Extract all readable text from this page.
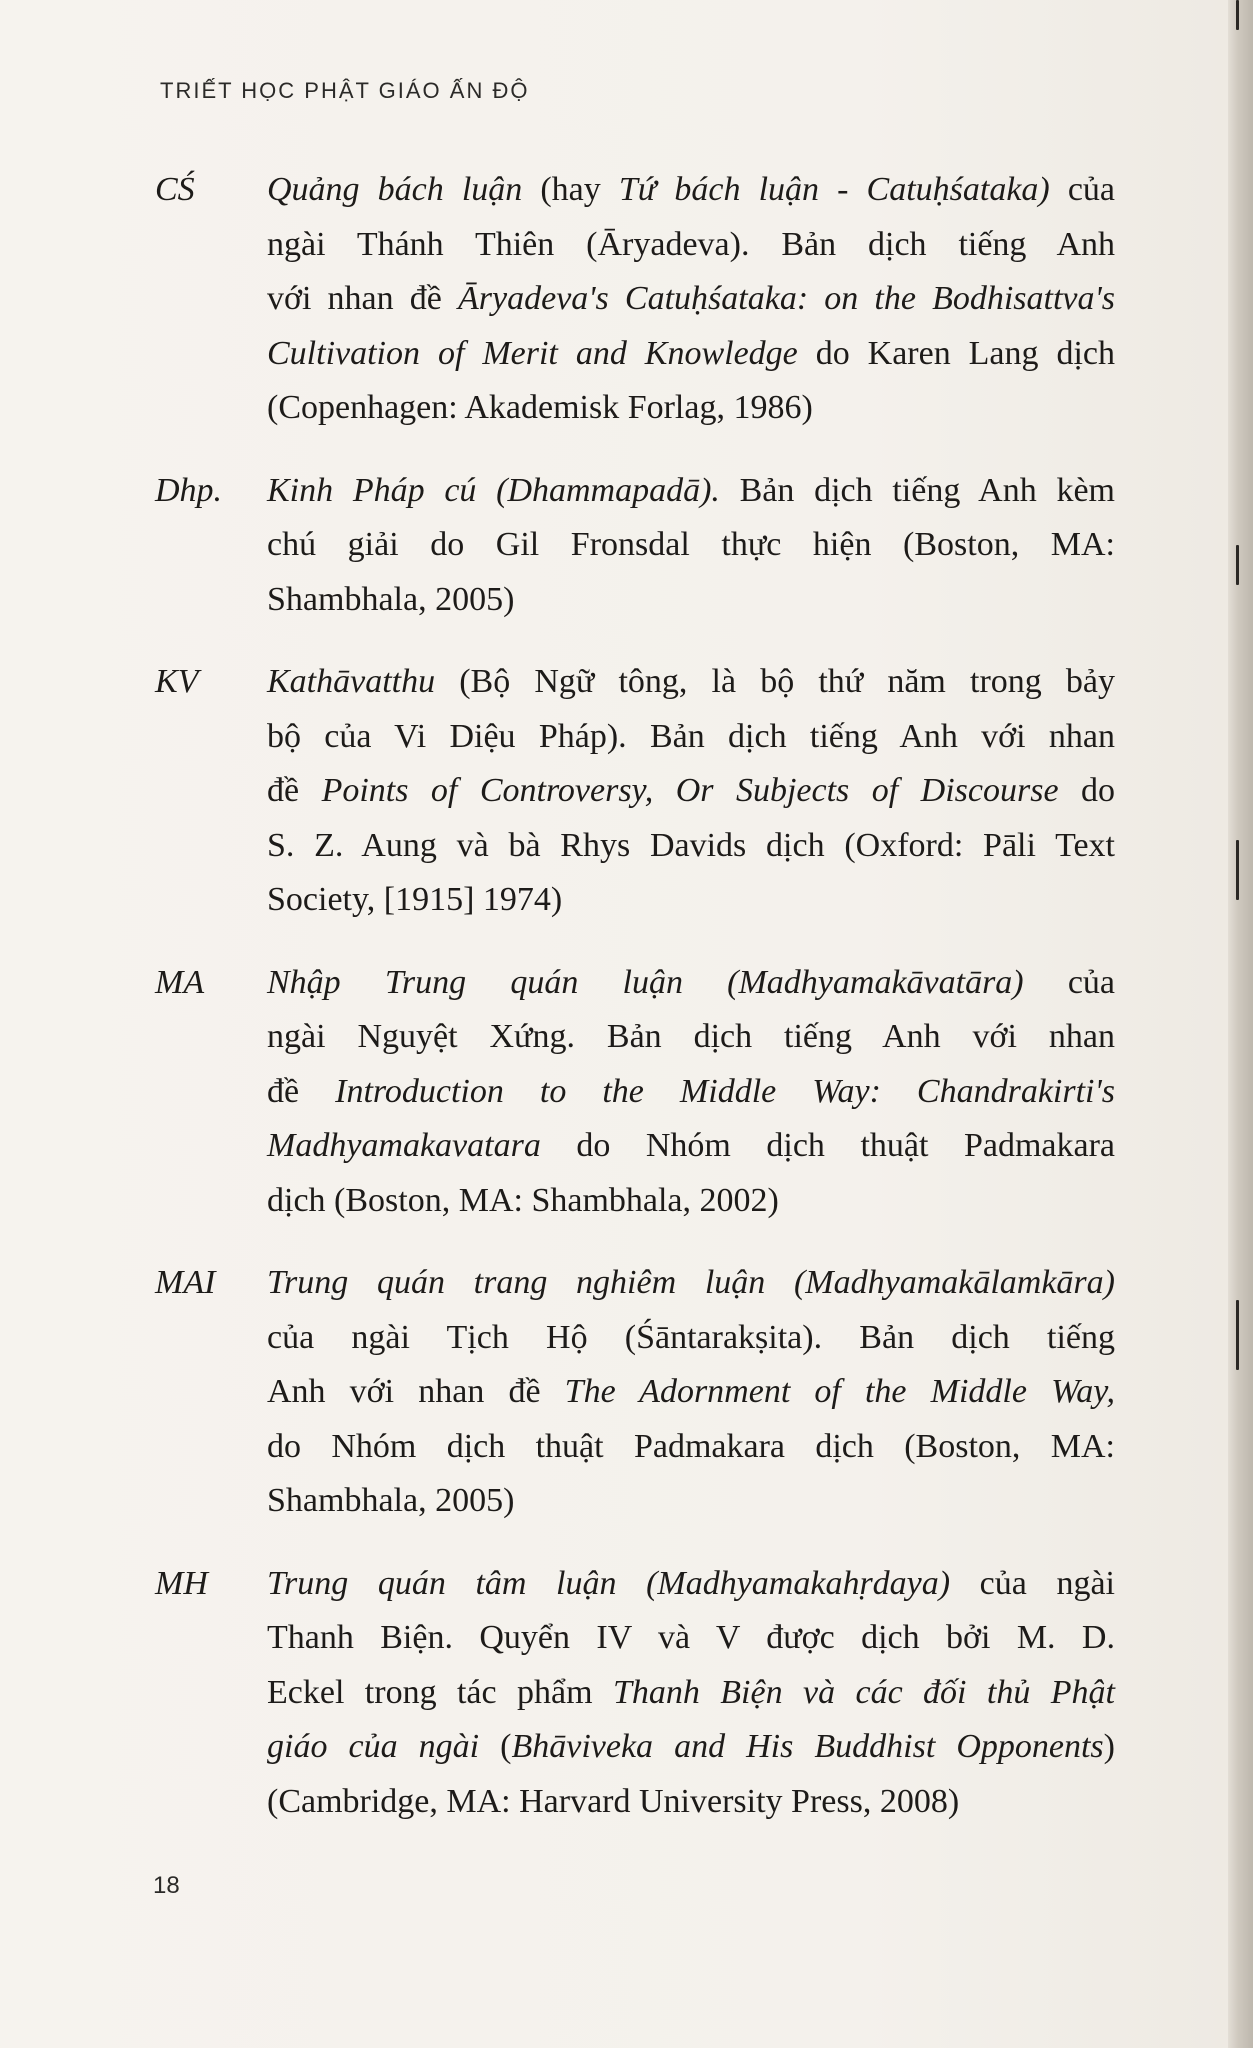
TRIẾT HỌC PHẬT GIÁO ẤN ĐỘ
CŚ	Quảng bách luận (hay Tứ bách luận - Catuḥśataka) của
ngài Thánh Thiên (Āryadeva). Bản dịch tiếng Anh
với nhan đề Āryadeva's Catuḥśataka: on the Bodhisattva's
Cultivation of Merit and Knowledge do Karen Lang dịch
(Copenhagen: Akademisk Forlag, 1986)
Dhp.	Kinh Pháp cú (Dhammapadā). Bản dịch tiếng Anh kèm
chú giải do Gil Fronsdal thực hiện (Boston, MA:
Shambhala, 2005)
KV	Kathāvatthu (Bộ Ngữ tông, là bộ thứ năm trong bảy
bộ của Vi Diệu Pháp). Bản dịch tiếng Anh với nhan
đề Points of Controversy, Or Subjects of Discourse do
S. Z. Aung và bà Rhys Davids dịch (Oxford: Pāli Text
Society, [1915] 1974)
MA	Nhập Trung quán luận (Madhyamakāvatāra) của
ngài Nguyệt Xứng. Bản dịch tiếng Anh với nhan
đề Introduction to the Middle Way: Chandrakirti's
Madhyamakavatara do Nhóm dịch thuật Padmakara
dịch (Boston, MA: Shambhala, 2002)
MAI	Trung quán trang nghiêm luận (Madhyamakālamkāra)
của ngài Tịch Hộ (Śāntarakṣita). Bản dịch tiếng
Anh với nhan đề The Adornment of the Middle Way,
do Nhóm dịch thuật Padmakara dịch (Boston, MA:
Shambhala, 2005)
MH	Trung quán tâm luận (Madhyamakahṛdaya) của ngài
Thanh Biện. Quyển IV và V được dịch bởi M. D.
Eckel trong tác phẩm Thanh Biện và các đối thủ Phật
giáo của ngài (Bhāviveka and His Buddhist Opponents)
(Cambridge, MA: Harvard University Press, 2008)
18
